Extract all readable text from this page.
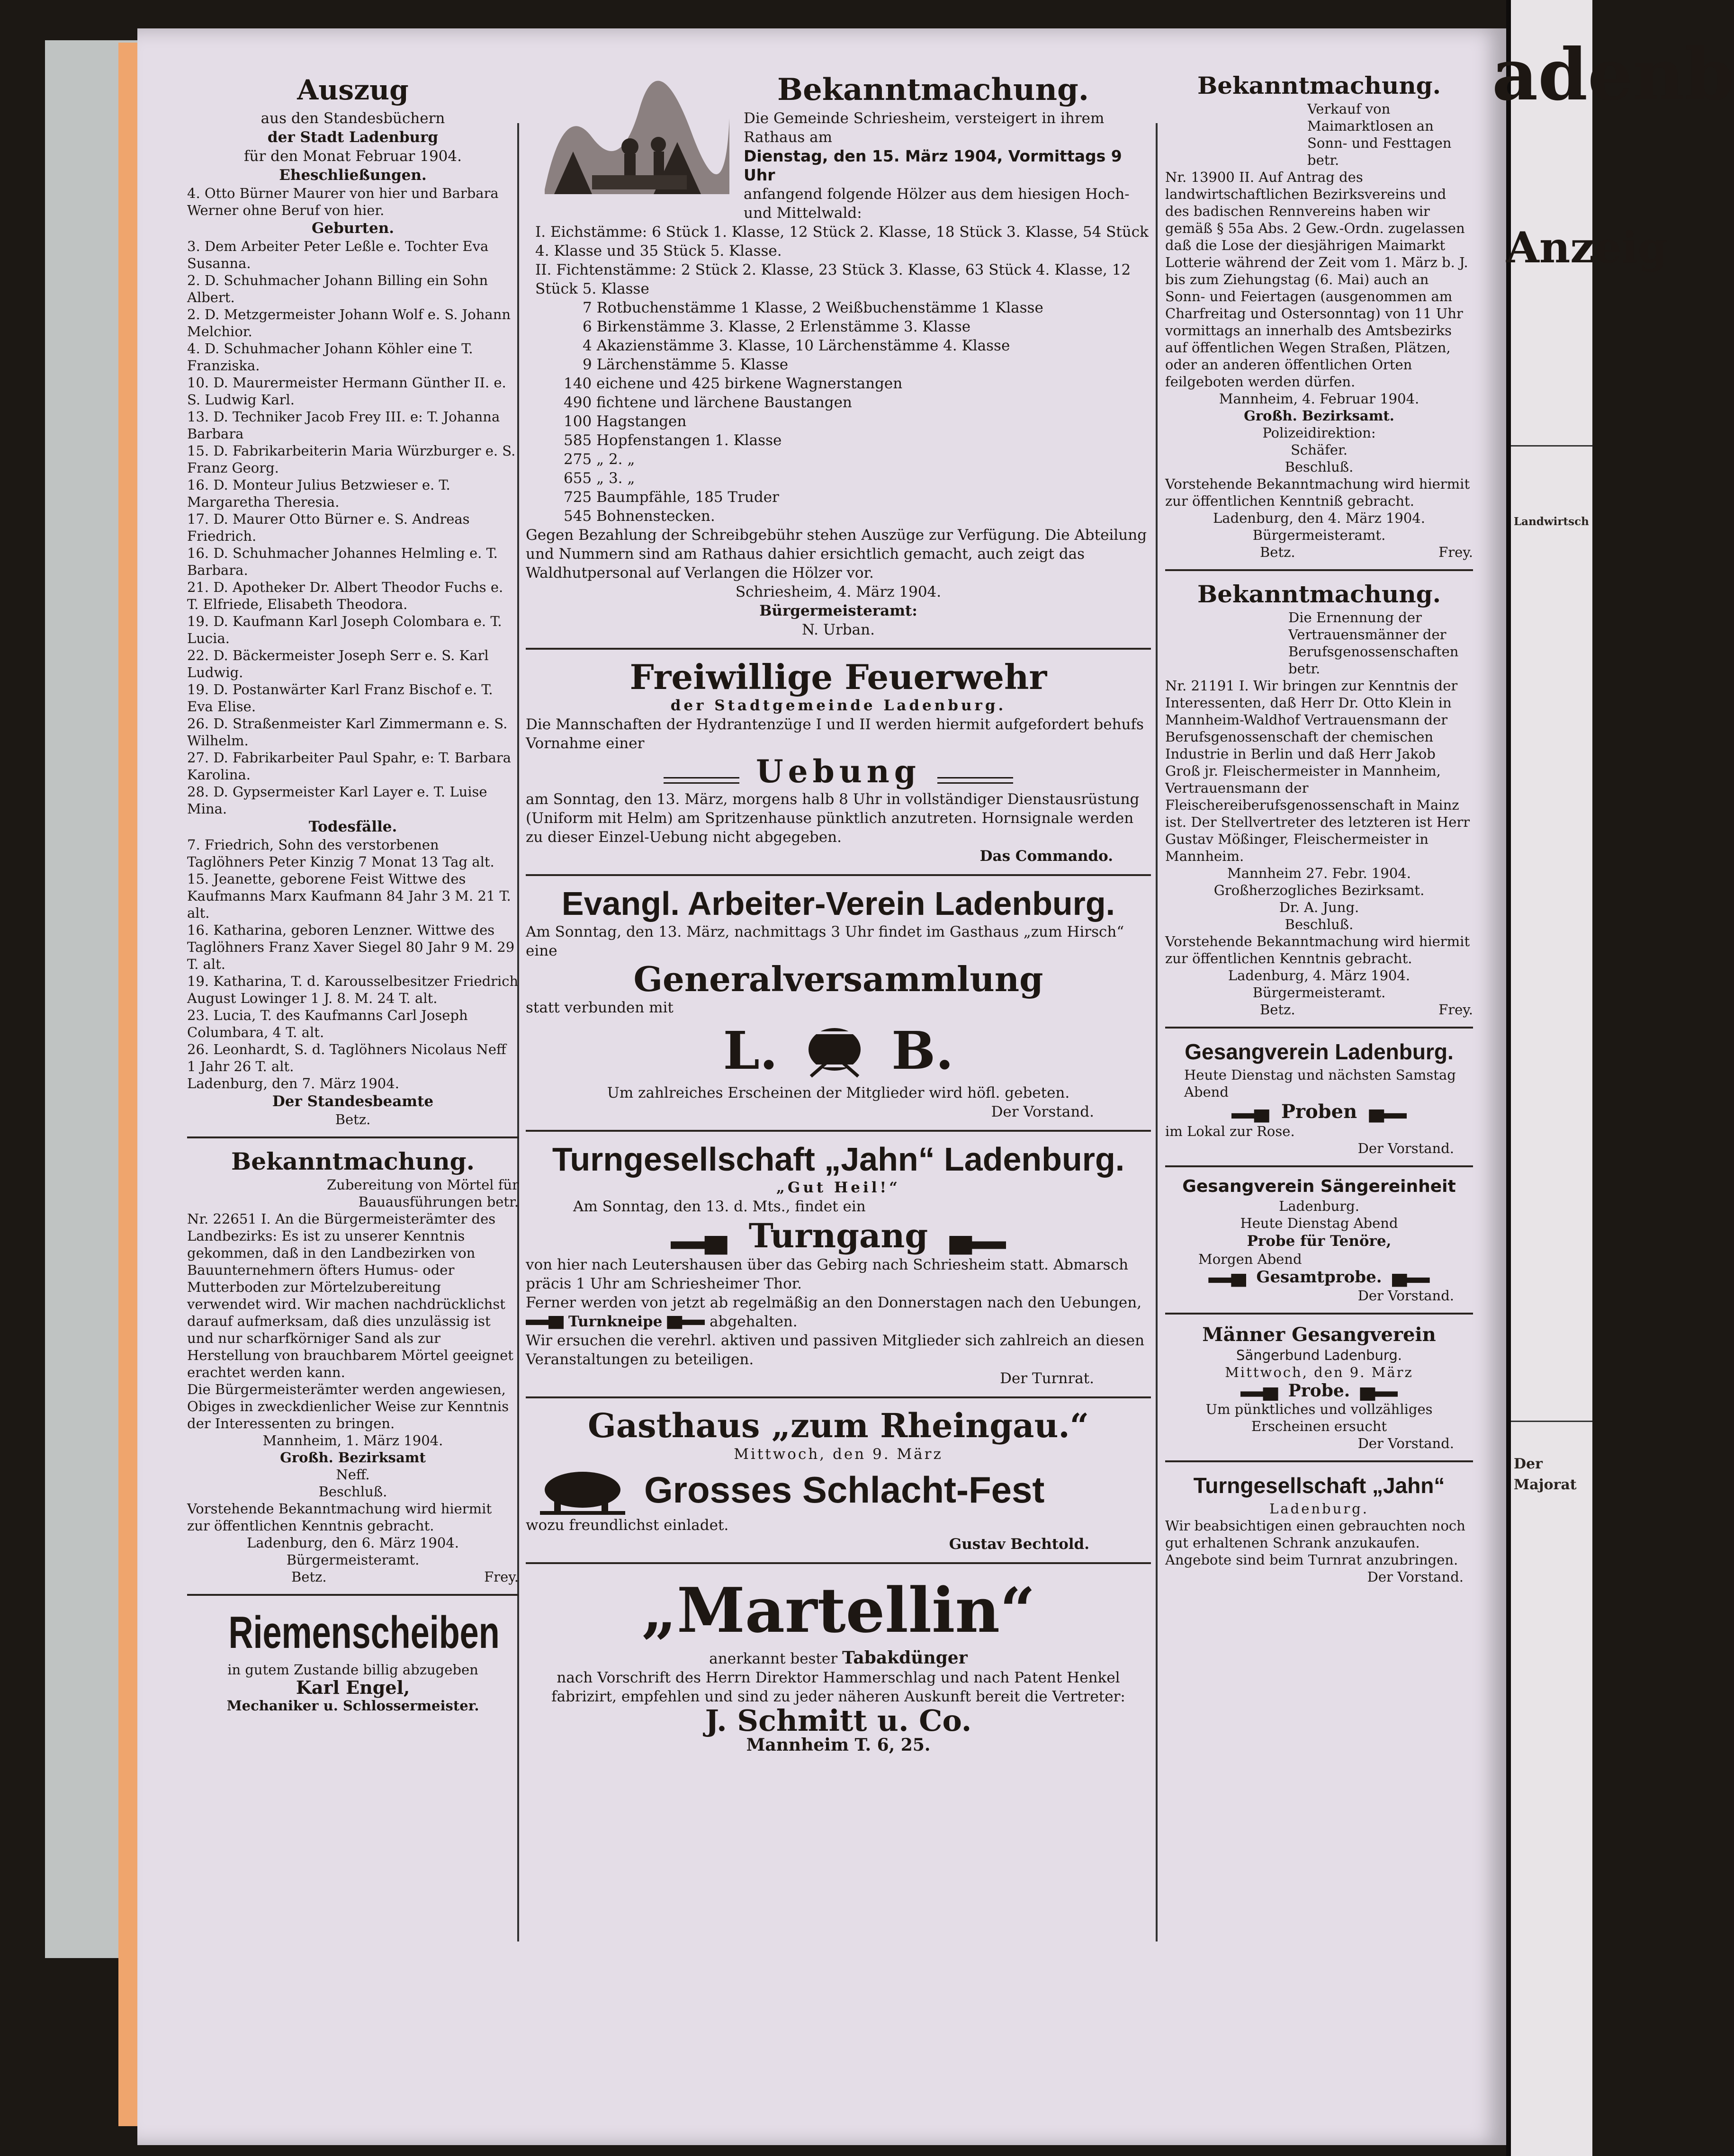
Auszug
aus den Standesbüchern
der Stadt Ladenburg
für den Monat Februar 1904.
Eheschließungen.
4. Otto Bürner Maurer von hier und Barbara Werner ohne Beruf von hier.
Geburten.
3. Dem Arbeiter Peter Leßle e. Tochter Eva Susanna.
2. D. Schuhmacher Johann Billing ein Sohn Albert.
2. D. Metzgermeister Johann Wolf e. S. Johann Melchior.
4. D. Schuhmacher Johann Köhler eine T. Franziska.
10. D. Maurermeister Hermann Günther II. e. S. Ludwig Karl.
13. D. Techniker Jacob Frey III. e: T. Johanna Barbara
15. D. Fabrikarbeiterin Maria Würzburger e. S. Franz Georg.
16. D. Monteur Julius Betzwieser e. T. Margaretha Theresia.
17. D. Maurer Otto Bürner e. S. Andreas Friedrich.
16. D. Schuhmacher Johannes Helmling e. T. Barbara.
21. D. Apotheker Dr. Albert Theodor Fuchs e. T. Elfriede, Elisabeth Theodora.
19. D. Kaufmann Karl Joseph Colombara e. T. Lucia.
22. D. Bäckermeister Joseph Serr e. S. Karl Ludwig.
19. D. Postanwärter Karl Franz Bischof e. T. Eva Elise.
26. D. Straßenmeister Karl Zimmermann e. S. Wilhelm.
27. D. Fabrikarbeiter Paul Spahr, e: T. Barbara Karolina.
28. D. Gypsermeister Karl Layer e. T. Luise Mina.
Todesfälle.
7. Friedrich, Sohn des verstorbenen Taglöhners Peter Kinzig 7 Monat 13 Tag alt.
15. Jeanette, geborene Feist Wittwe des Kaufmanns Marx Kaufmann 84 Jahr 3 M. 21 T. alt.
16. Katharina, geboren Lenzner. Wittwe des Taglöhners Franz Xaver Siegel 80 Jahr 9 M. 29 T. alt.
19. Katharina, T. d. Karousselbesitzer Friedrich August Lowinger 1 J. 8. M. 24 T. alt.
23. Lucia, T. des Kaufmanns Carl Joseph Columbara, 4 T. alt.
26. Leonhardt, S. d. Taglöhners Nicolaus Neff 1 Jahr 26 T. alt.
Ladenburg, den 7. März 1904.
Der Standesbeamte
Betz.
Bekanntmachung.
Zubereitung von Mörtel für Bauausführungen betr.
Nr. 22651 I. An die Bürgermeisterämter des Landbezirks: Es ist zu unserer Kenntnis gekommen, daß in den Landbezirken von Bauunternehmern öfters Humus- oder Mutterboden zur Mörtelzubereitung verwendet wird. Wir machen nachdrücklichst darauf aufmerksam, daß dies unzulässig ist und nur scharfkörniger Sand als zur Herstellung von brauchbarem Mörtel geeignet erachtet werden kann.
Die Bürgermeisterämter werden angewiesen, Obiges in zweckdienlicher Weise zur Kenntnis der Interessenten zu bringen.
Mannheim, 1. März 1904.
Großh. Bezirksamt
Neff.
Beschluß.
Vorstehende Bekanntmachung wird hiermit zur öffentlichen Kenntnis gebracht.
Ladenburg, den 6. März 1904.
Bürgermeisteramt.
Betz.	Frey.
Riemenscheiben
in gutem Zustande billig abzugeben
Karl Engel,
Mechaniker u. Schlossermeister.
Bekanntmachung.
Die Gemeinde Schriesheim, versteigert in ihrem Rathaus am
Dienstag, den 15. März 1904, Vormittags 9 Uhr
anfangend folgende Hölzer aus dem hiesigen Hoch- und Mittelwald:
I. Eichstämme: 6 Stück 1. Klasse, 12 Stück 2. Klasse, 18 Stück 3. Klasse, 54 Stück 4. Klasse und 35 Stück 5. Klasse.
II. Fichtenstämme: 2 Stück 2. Klasse, 23 Stück 3. Klasse, 63 Stück 4. Klasse, 12 Stück 5. Klasse
7 Rotbuchenstämme 1 Klasse, 2 Weißbuchenstämme 1 Klasse
6 Birkenstämme 3. Klasse, 2 Erlenstämme 3. Klasse
4 Akazienstämme 3. Klasse, 10 Lärchenstämme 4. Klasse
9 Lärchenstämme 5. Klasse
140 eichene und 425 birkene Wagnerstangen
490 fichtene und lärchene Baustangen
100 Hagstangen
585 Hopfenstangen 1. Klasse
275 „ 2. „
655 „ 3. „
725 Baumpfähle, 185 Truder
545 Bohnenstecken.
Gegen Bezahlung der Schreibgebühr stehen Auszüge zur Verfügung. Die Abteilung und Nummern sind am Rathaus dahier ersichtlich gemacht, auch zeigt das Waldhutpersonal auf Verlangen die Hölzer vor.
Schriesheim, 4. März 1904.
Bürgermeisteramt:
N. Urban.
Freiwillige Feuerwehr
der Stadtgemeinde Ladenburg.
Die Mannschaften der Hydrantenzüge I und II werden hiermit aufgefordert behufs Vornahme einer
Uebung
am Sonntag, den 13. März, morgens halb 8 Uhr in vollständiger Dienstausrüstung (Uniform mit Helm) am Spritzenhause pünktlich anzutreten. Hornsignale werden zu dieser Einzel-Uebung nicht abgegeben.
Das Commando.
Evangl. Arbeiter-Verein Ladenburg.
Am Sonntag, den 13. März, nachmittags 3 Uhr findet im Gasthaus „zum Hirsch“ eine
Generalversammlung
statt verbunden mit
L. B.
Um zahlreiches Erscheinen der Mitglieder wird höfl. gebeten.
Der Vorstand.
Turngesellschaft „Jahn“ Ladenburg.
„Gut Heil!“
Am Sonntag, den 13. d. Mts., findet ein
Turngang
von hier nach Leutershausen über das Gebirg nach Schriesheim statt. Abmarsch präcis 1 Uhr am Schriesheimer Thor.
Ferner werden von jetzt ab regelmäßig an den Donnerstagen nach den Uebungen,
Turnkneipe	abgehalten.
Wir ersuchen die verehrl. aktiven und passiven Mitglieder sich zahlreich an diesen Veranstaltungen zu beteiligen.
Der Turnrat.
Gasthaus „zum Rheingau.“
Mittwoch, den 9. März
Grosses Schlacht-Fest
wozu freundlichst einladet.
Gustav Bechtold.
„Martellin“
anerkannt bester Tabakdünger
nach Vorschrift des Herrn Direktor Hammerschlag und nach Patent Henkel fabrizirt, empfehlen und sind zu jeder näheren Auskunft bereit die Vertreter:
J. Schmitt u. Co.
Mannheim T. 6, 25.
Bekanntmachung.
Verkauf von Maimarktlosen an Sonn- und Festtagen betr.
Nr. 13900 II. Auf Antrag des landwirtschaftlichen Bezirksvereins und des badischen Rennvereins haben wir gemäß § 55a Abs. 2 Gew.-Ordn. zugelassen daß die Lose der diesjährigen Maimarkt Lotterie während der Zeit vom 1. März b. J. bis zum Ziehungstag (6. Mai) auch an Sonn- und Feiertagen (ausgenommen am Charfreitag und Ostersonntag) von 11 Uhr vormittags an innerhalb des Amtsbezirks auf öffentlichen Wegen Straßen, Plätzen, oder an anderen öffentlichen Orten feilgeboten werden dürfen.
Mannheim, 4. Februar 1904.
Großh. Bezirksamt.
Polizeidirektion:
Schäfer.
Beschluß.
Vorstehende Bekanntmachung wird hiermit zur öffentlichen Kenntniß gebracht.
Ladenburg, den 4. März 1904.
Bürgermeisteramt.
Betz.	Frey.
Bekanntmachung.
Die Ernennung der Vertrauensmänner der Berufsgenossenschaften betr.
Nr. 21191 I. Wir bringen zur Kenntnis der Interessenten, daß Herr Dr. Otto Klein in Mannheim-Waldhof Vertrauensmann der Berufsgenossenschaft der chemischen Industrie in Berlin und daß Herr Jakob Groß jr. Fleischermeister in Mannheim, Vertrauensmann der Fleischereiberufsgenossenschaft in Mainz ist. Der Stellvertreter des letzteren ist Herr Gustav Mößinger, Fleischermeister in Mannheim.
Mannheim 27. Febr. 1904.
Großherzogliches Bezirksamt.
Dr. A. Jung.
Beschluß.
Vorstehende Bekanntmachung wird hiermit zur öffentlichen Kenntnis gebracht.
Ladenburg, 4. März 1904.
Bürgermeisteramt.
Betz.	Frey.
Gesangverein Ladenburg.
Heute Dienstag und nächsten Samstag Abend
Proben
im Lokal zur Rose.
Der Vorstand.
Gesangverein Sängereinheit
Ladenburg.
Heute Dienstag Abend
Probe für Tenöre,
Morgen Abend
Gesamtprobe.
Der Vorstand.
Männer Gesangverein
Sängerbund Ladenburg.
Mittwoch, den 9. März
Probe.
Um pünktliches und vollzähliges Erscheinen ersucht
Der Vorstand.
Turngesellschaft „Jahn“
Ladenburg.
Wir beabsichtigen einen gebrauchten noch gut erhaltenen Schrank anzukaufen. Angebote sind beim Turnrat anzubringen.
Der Vorstand.
adenb
Anzeig
Landwirtsch
Der Majorat
